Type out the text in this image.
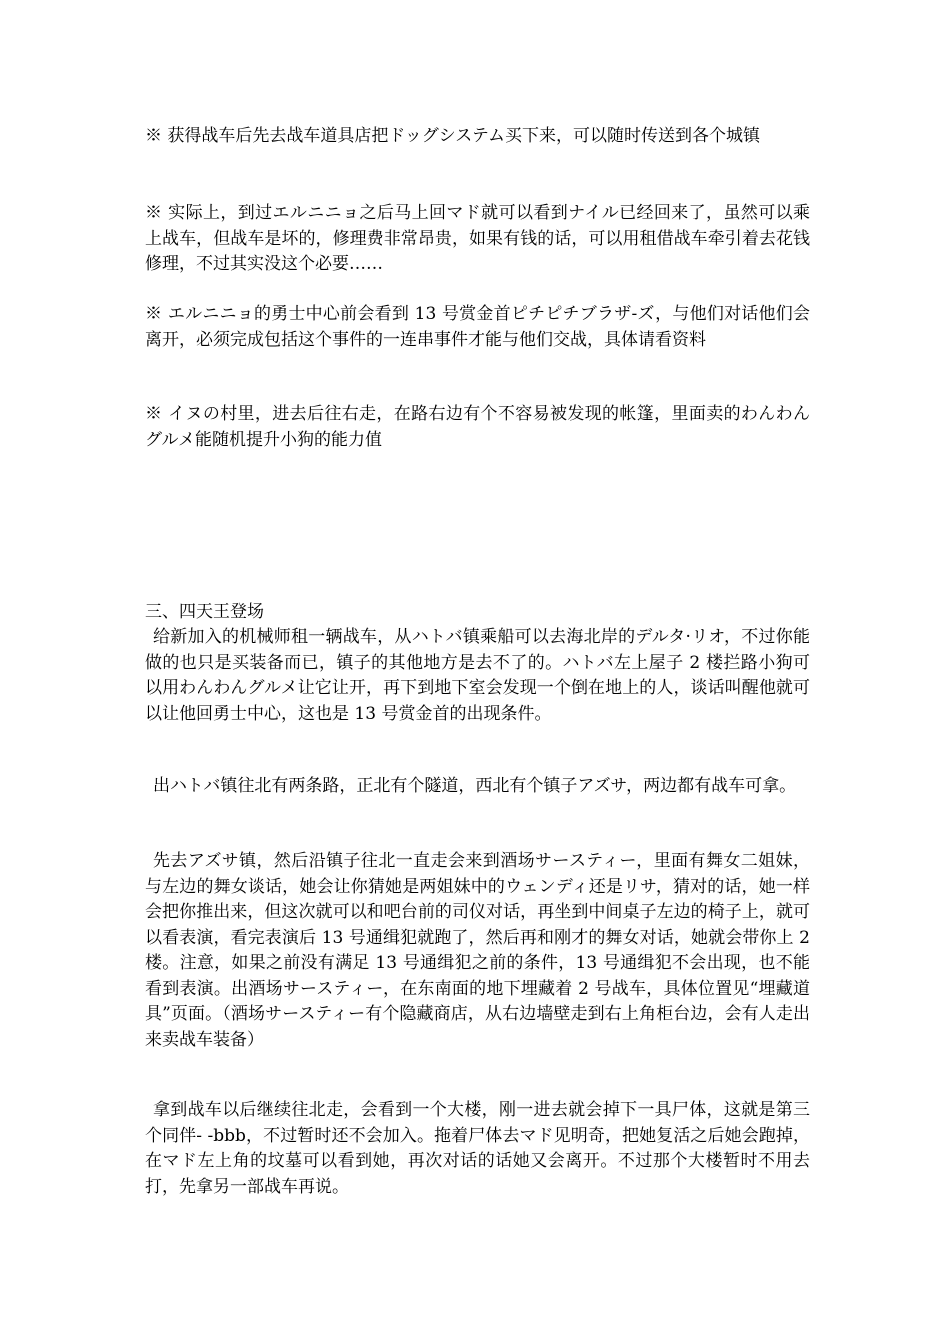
※ 获得战车后先去战车道具店把ドッグシステム买下来，可以随时传送到各个城镇

※ 实际上，到过エルニニョ之后马上回マド就可以看到ナイル已经回来了，虽然可以乘上战车，但战车是坏的，修理费非常昂贵，如果有钱的话，可以用租借战车牵引着去花钱修理，不过其实没这个必要……

※ エルニニョ的勇士中心前会看到 13 号赏金首ピチピチブラザ-ズ，与他们对话他们会离开，必须完成包括这个事件的一连串事件才能与他们交战，具体请看资料

※ イヌの村里，进去后往右走，在路右边有个不容易被发现的帐篷，里面卖的わんわんグルメ能随机提升小狗的能力值

三、四天王登场

给新加入的机械师租一辆战车，从ハトバ镇乘船可以去海北岸的デルタ·リオ，不过你能做的也只是买装备而已，镇子的其他地方是去不了的。ハトバ左上屋子 2 楼拦路小狗可以用わんわんグルメ让它让开，再下到地下室会发现一个倒在地上的人，谈话叫醒他就可以让他回勇士中心，这也是 13 号赏金首的出现条件。

出ハトバ镇往北有两条路，正北有个隧道，西北有个镇子アズサ，两边都有战车可拿。

先去アズサ镇，然后沿镇子往北一直走会来到酒场サースティー，里面有舞女二姐妹，与左边的舞女谈话，她会让你猜她是两姐妹中的ウェンディ还是リサ，猜对的话，她一样会把你推出来，但这次就可以和吧台前的司仪对话，再坐到中间桌子左边的椅子上，就可以看表演，看完表演后 13 号通缉犯就跑了，然后再和刚才的舞女对话，她就会带你上 2 楼。注意，如果之前没有满足 13 号通缉犯之前的条件，13 号通缉犯不会出现，也不能看到表演。出酒场サースティー，在东南面的地下埋藏着 2 号战车，具体位置见“埋藏道具”页面。（酒场サースティー有个隐藏商店，从右边墙壁走到右上角柜台边，会有人走出来卖战车装备）

拿到战车以后继续往北走，会看到一个大楼，刚一进去就会掉下一具尸体，这就是第三个同伴- -bbb，不过暂时还不会加入。拖着尸体去マド见明奇，把她复活之后她会跑掉，在マド左上角的坟墓可以看到她，再次对话的话她又会离开。不过那个大楼暂时不用去打，先拿另一部战车再说。
